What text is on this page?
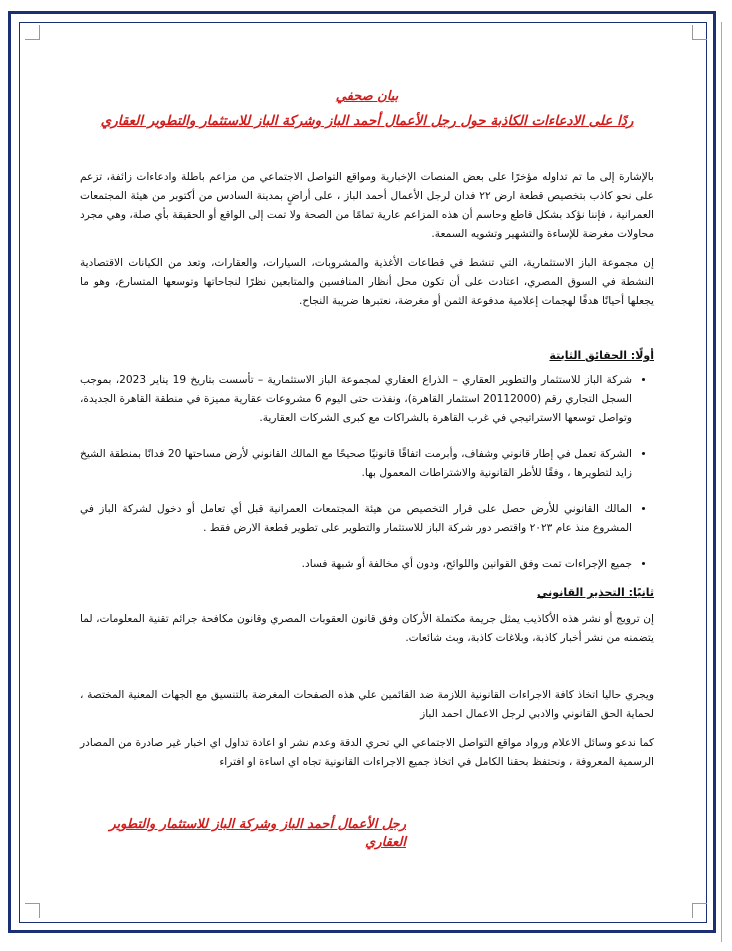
بيان صحفي
ردًا على الادعاءات الكاذبة حول رجل الأعمال أحمد الباز وشركة الباز للاستثمار والتطوير العقاري

بالإشارة إلى ما تم تداوله مؤخرًا على بعض المنصات الإخبارية ومواقع التواصل الاجتماعي من مزاعم باطلة وادعاءات زائفة، تزعم على نحو كاذب بتخصيص قطعة ارض ٢٢ فدان لرجل الأعمال أحمد الباز ، على أراضٍ بمدينة السادس من أكتوبر من هيئة المجتمعات العمرانية ، فإننا نؤكد بشكل قاطع وحاسم أن هذه المزاعم عارية تمامًا من الصحة ولا تمت إلى الواقع أو الحقيقة بأي صلة، وهي مجرد محاولات مغرضة للإساءة والتشهير وتشويه السمعة.

إن مجموعة الباز الاستثمارية، التي تنشط في قطاعات الأغذية والمشروبات، السيارات، والعقارات، وتعد من الكيانات الاقتصادية النشطة في السوق المصري، اعتادت على أن تكون محل أنظار المنافسين والمتابعين نظرًا لنجاحاتها وتوسعها المتسارع، وهو ما يجعلها أحيانًا هدفًا لهجمات إعلامية مدفوعة الثمن أو مغرضة، نعتبرها ضريبة النجاح.

أولًا: الحقائق الثابتة
• شركة الباز للاستثمار والتطوير العقاري – الذراع العقاري لمجموعة الباز الاستثمارية – تأسست بتاريخ 19 يناير 2023، بموجب السجل التجاري رقم (20112000 استثمار القاهرة)، ونفذت حتى اليوم 6 مشروعات عقارية مميزة في منطقة القاهرة الجديدة، وتواصل توسعها الاستراتيجي في غرب القاهرة بالشراكات مع كبرى الشركات العقارية.
• الشركة تعمل في إطار قانوني وشفاف، وأبرمت اتفاقًا قانونيًا صحيحًا مع المالك القانوني لأرض مساحتها 20 فدانًا بمنطقة الشيخ زايد لتطويرها ، وفقًا للأطر القانونية والاشتراطات المعمول بها.
• المالك القانوني للأرض حصل على قرار التخصيص من هيئة المجتمعات العمرانية قبل أي تعامل أو دخول لشركة الباز في المشروع منذ عام ٢٠٢٣ واقتصر دور شركة الباز للاستثمار والتطوير على تطوير قطعة الارض فقط .
• جميع الإجراءات تمت وفق القوانين واللوائح، ودون أي مخالفة أو شبهة فساد.
ثانيًا: التحذير القانوني

إن ترويج أو نشر هذه الأكاذيب يمثل جريمة مكتملة الأركان وفق قانون العقوبات المصري وقانون مكافحة جرائم تقنية المعلومات، لما يتضمنه من نشر أخبار كاذبة، وبلاغات كاذبة، وبث شائعات.

ويجري حاليا اتخاذ كافة الاجراءات القانونية اللازمة ضد القائمين علي هذه الصفحات المغرضة بالتنسيق مع الجهات المعنية المختصة ، لحماية الحق القانوني والادبي لرجل الاعمال احمد الباز

كما ندعو وسائل الاعلام ورواد مواقع التواصل الاجتماعي الي تحري الدقة وعدم نشر او اعادة تداول اي اخبار غير صادرة من المصادر الرسمية المعروفة ، ونحتفظ بحقنا الكامل في اتخاذ جميع الاجراءات القانونية تجاه اي اساءة او افتراء

رجل الأعمال أحمد الباز وشركة الباز للاستثمار والتطوير العقاري
